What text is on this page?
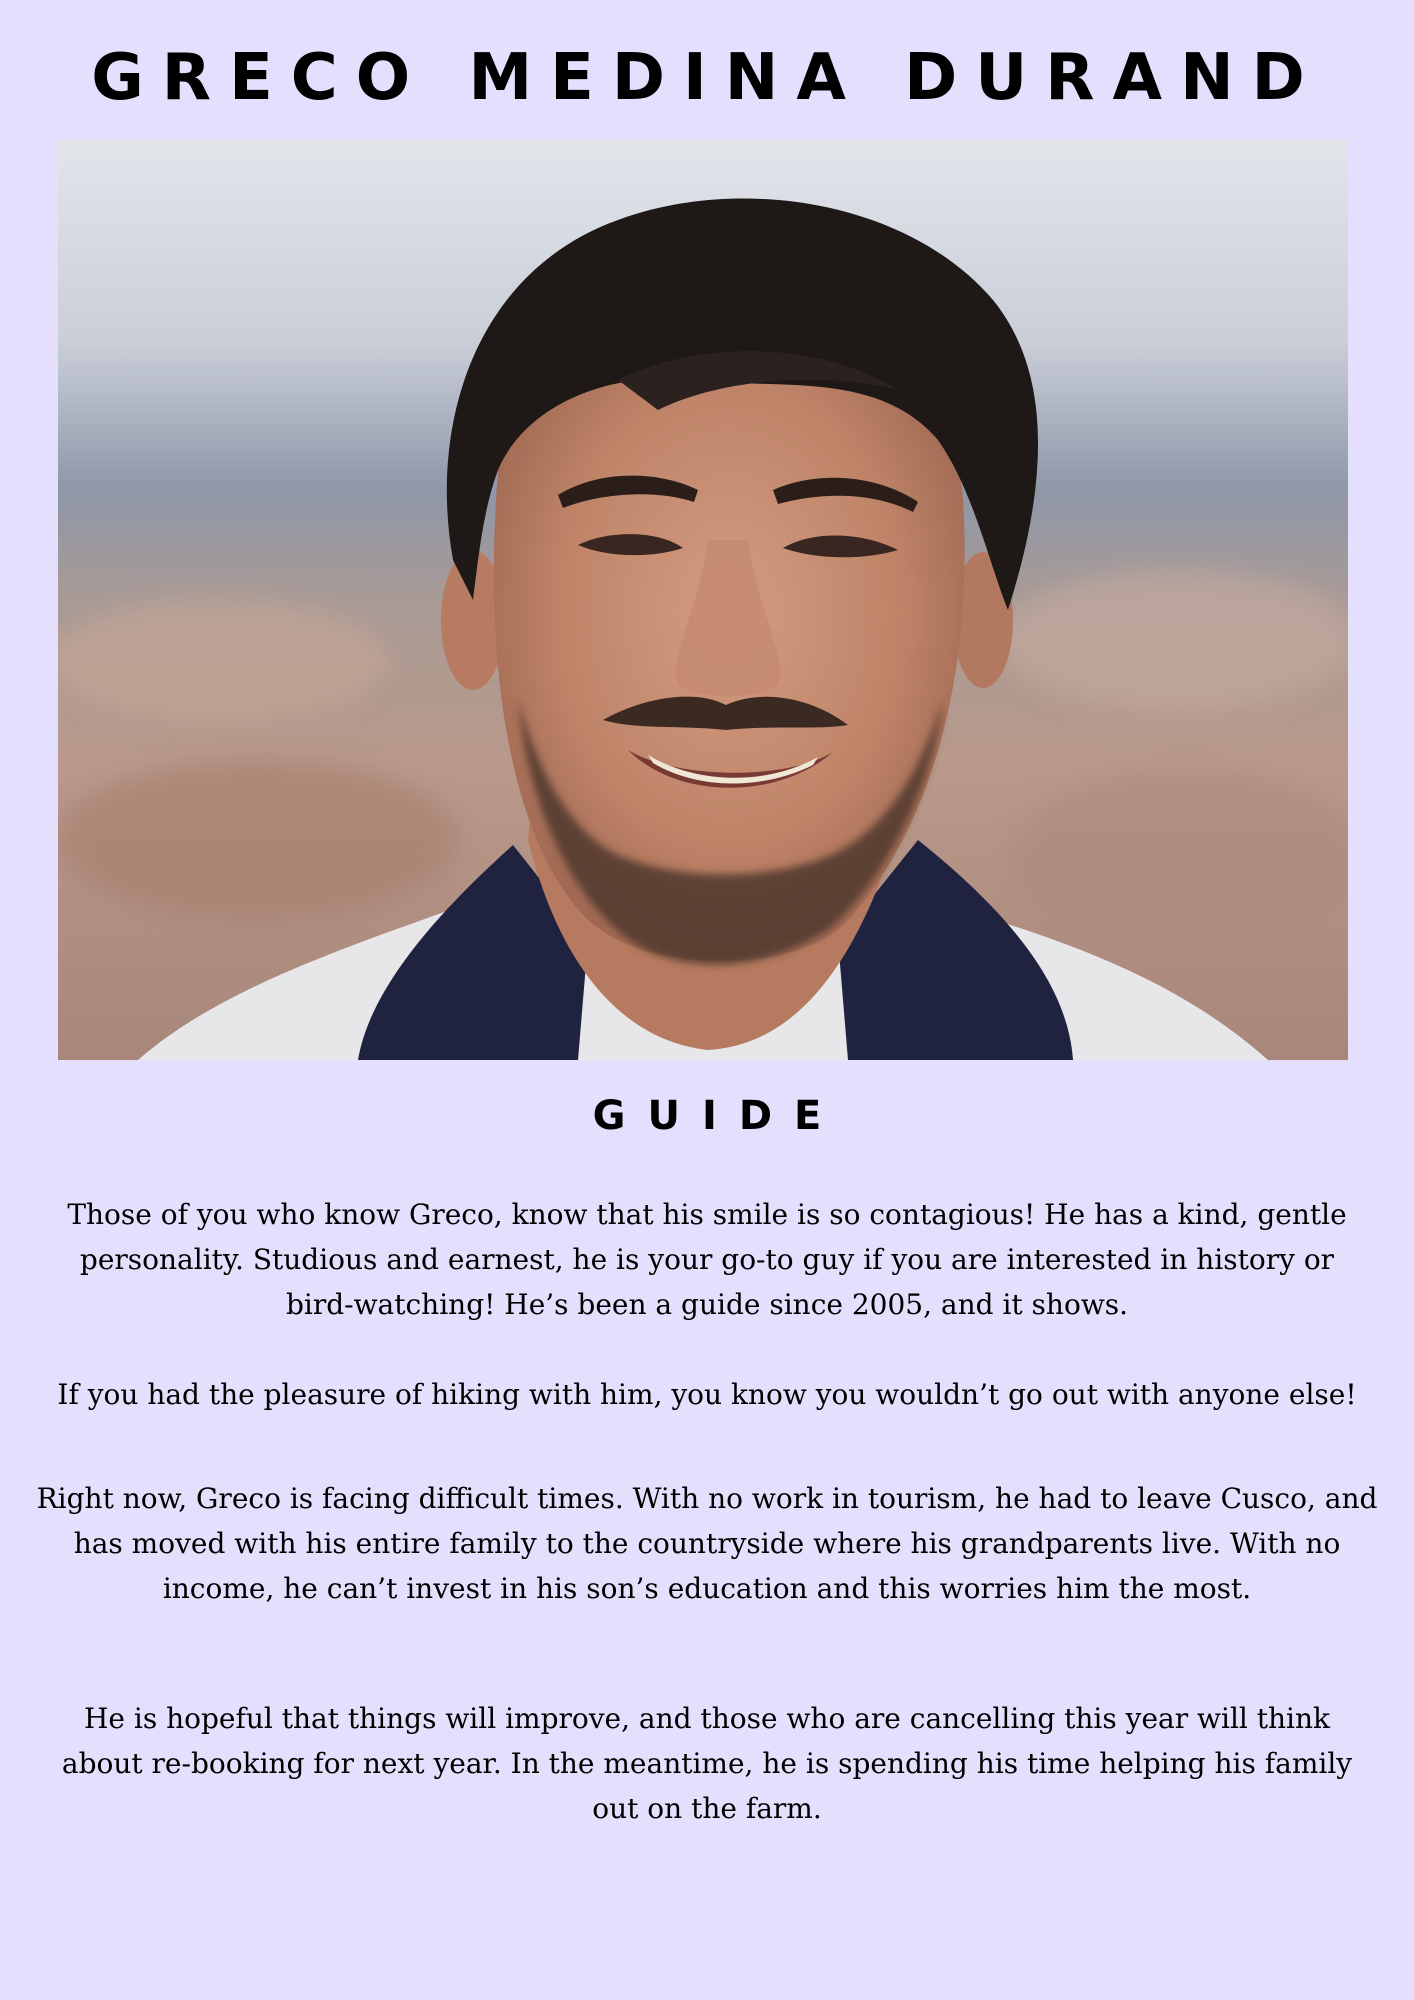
GRECO MEDINA DURAND
GUIDE

Those of you who know Greco, know that his smile is so contagious! He has a kind, gentle personality. Studious and earnest, he is your go-to guy if you are interested in history or bird-watching! He’s been a guide since 2005, and it shows.

If you had the pleasure of hiking with him, you know you wouldn’t go out with anyone else!

Right now, Greco is facing difficult times. With no work in tourism, he had to leave Cusco, and has moved with his entire family to the countryside where his grandparents live. With no income, he can’t invest in his son’s education and this worries him the most.

He is hopeful that things will improve, and those who are cancelling this year will think about re-booking for next year. In the meantime, he is spending his time helping his family out on the farm.
